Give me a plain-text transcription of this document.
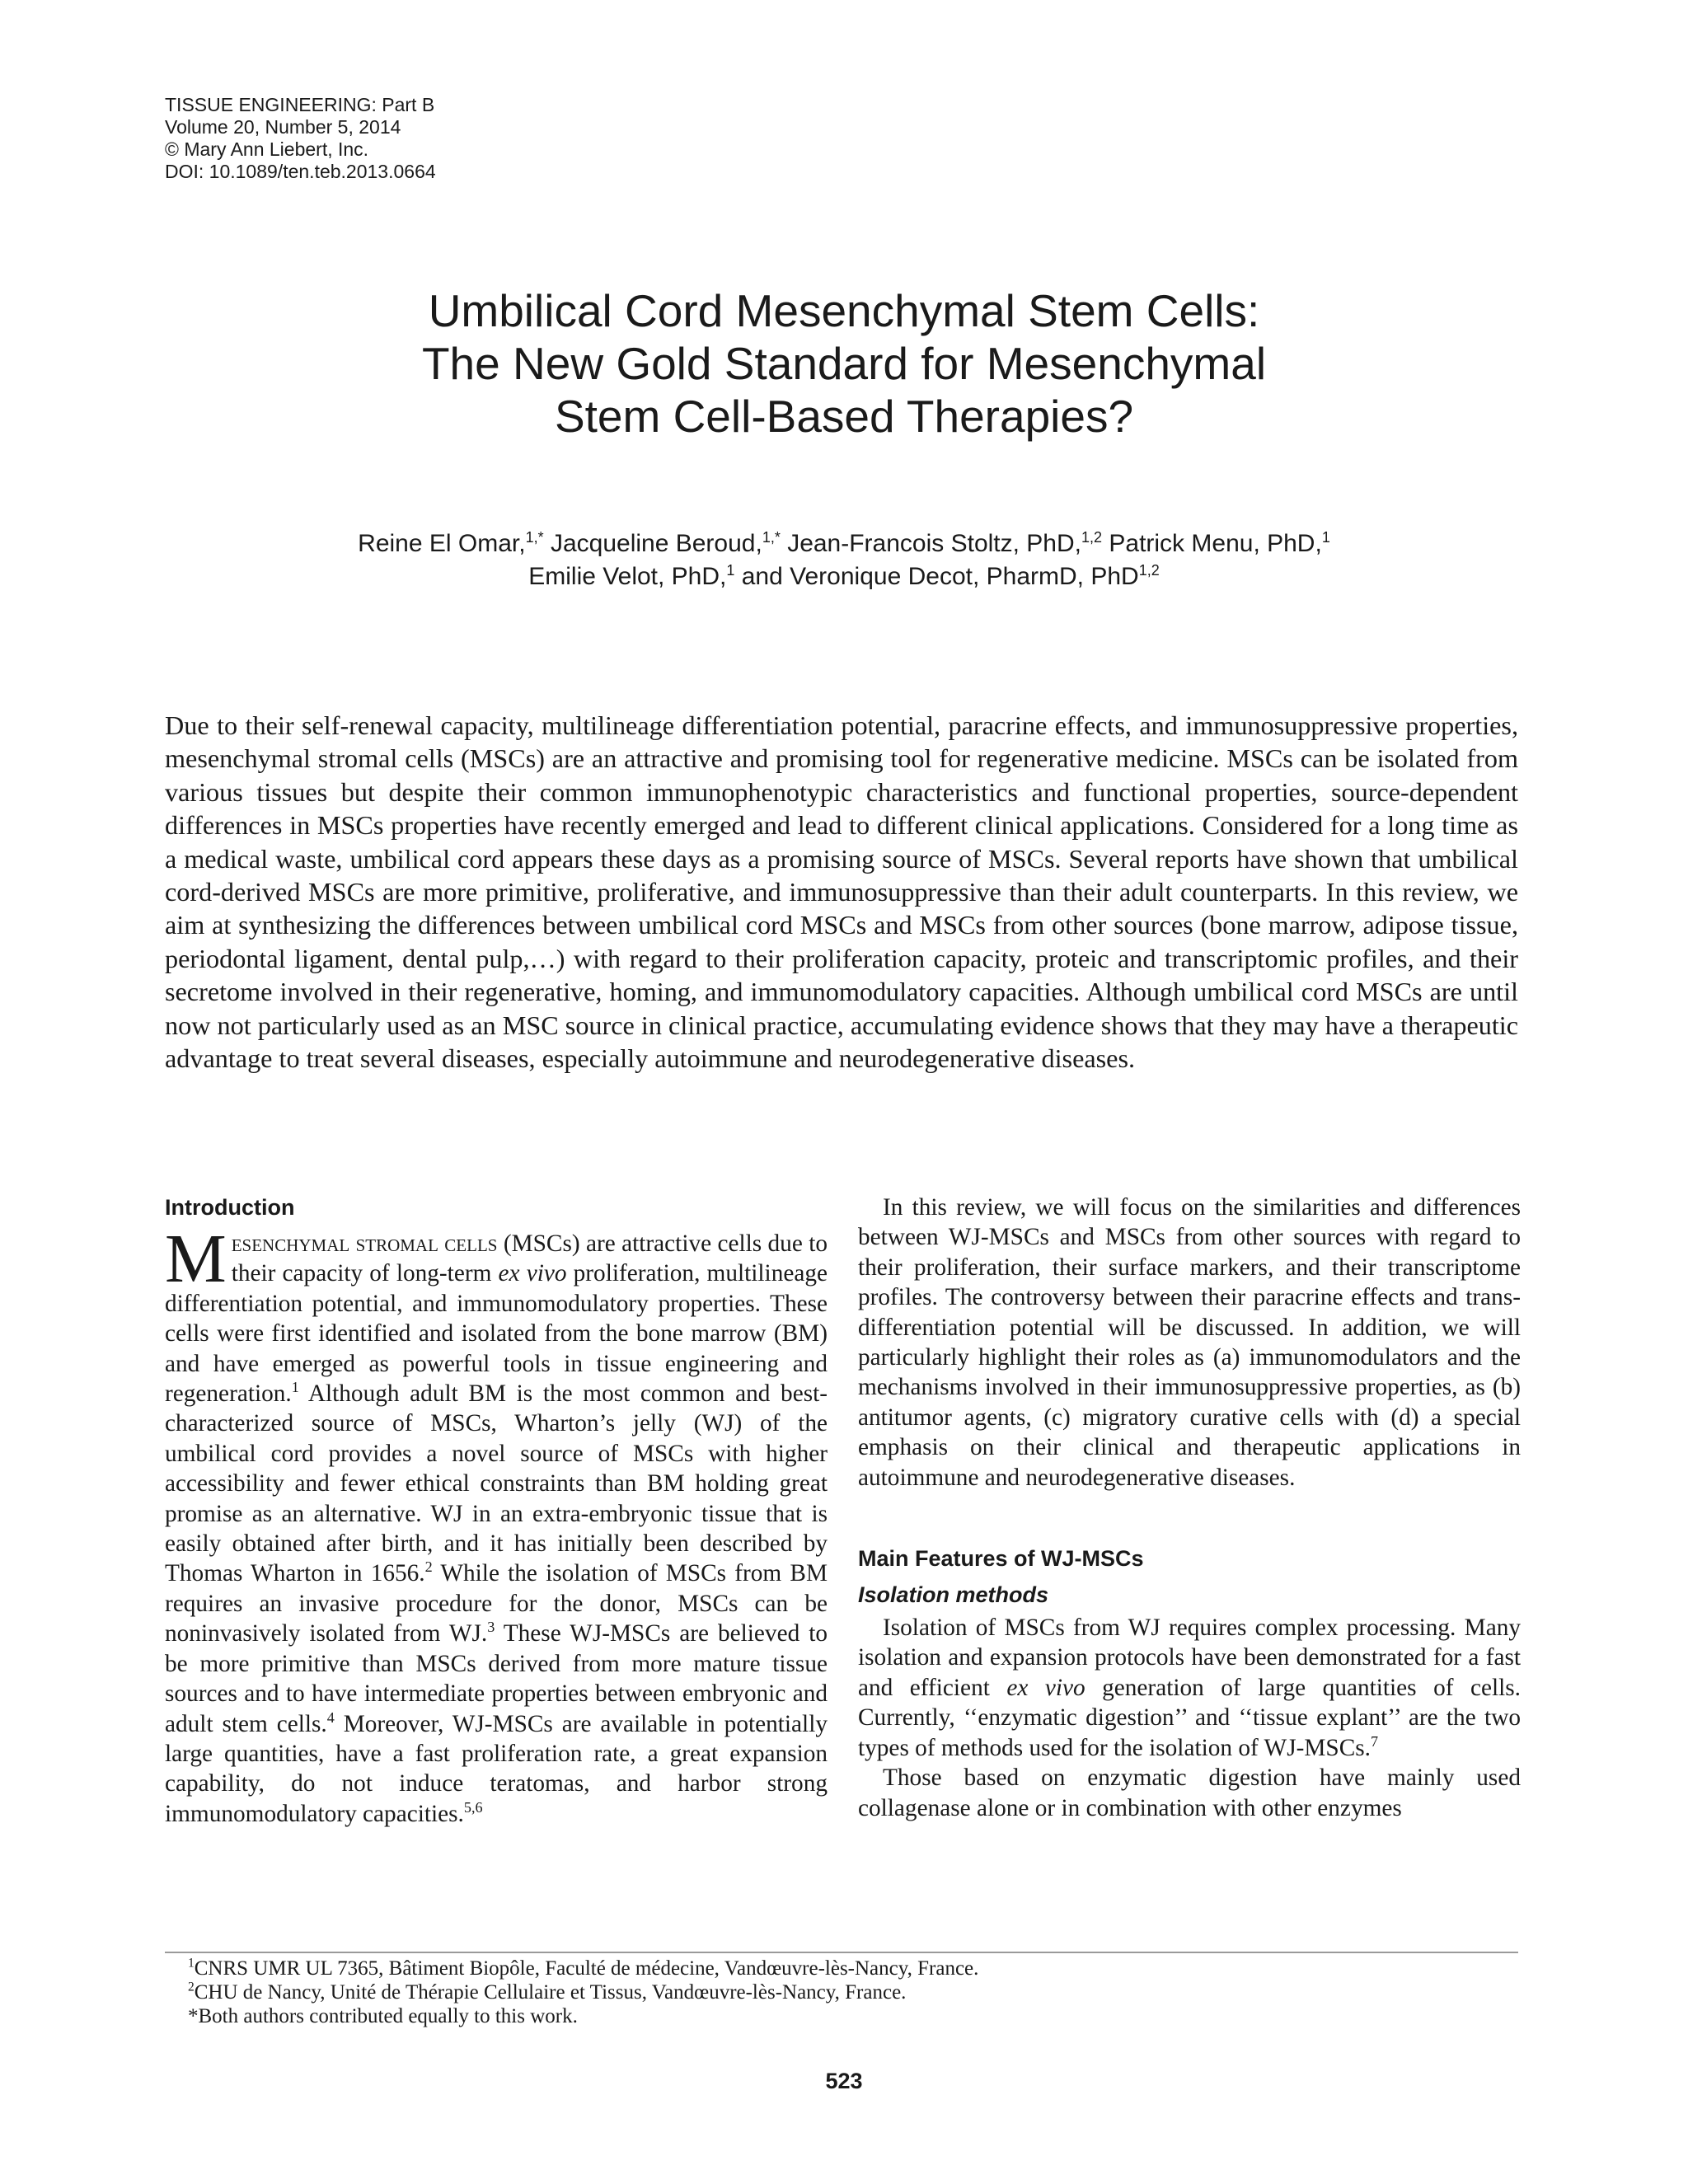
TISSUE ENGINEERING: Part B
Volume 20, Number 5, 2014
© Mary Ann Liebert, Inc.
DOI: 10.1089/ten.teb.2013.0664
Umbilical Cord Mesenchymal Stem Cells:
The New Gold Standard for Mesenchymal
Stem Cell-Based Therapies?
Reine El Omar,$^{1,*}$ Jacqueline Beroud,$^{1,*}$ Jean-Francois Stoltz, PhD,$^{1,2}$ Patrick Menu, PhD,$^1$
Emilie Velot, PhD,$^1$ and Veronique Decot, PharmD, PhD$^{1,2}$

Due to their self-renewal capacity, multilineage differentiation potential, paracrine effects, and immunosuppressive properties, mesenchymal stromal cells (MSCs) are an attractive and promising tool for regenerative medicine. MSCs can be isolated from various tissues but despite their common immunophenotypic characteristics and functional properties, source-dependent differences in MSCs properties have recently emerged and lead to different clinical applications. Considered for a long time as a medical waste, umbilical cord appears these days as a promising source of MSCs. Several reports have shown that umbilical cord-derived MSCs are more primitive, proliferative, and immunosuppressive than their adult counterparts. In this review, we aim at synthesizing the differences between umbilical cord MSCs and MSCs from other sources (bone marrow, adipose tissue, periodontal ligament, dental pulp,…) with regard to their proliferation capacity, proteic and transcriptomic profiles, and their secretome involved in their regenerative, homing, and immunomodulatory capacities. Although umbilical cord MSCs are until now not particularly used as an MSC source in clinical practice, accumulating evidence shows that they may have a therapeutic advantage to treat several diseases, especially autoimmune and neurodegenerative diseases.

Introduction

Mesenchymal stromal cells (MSCs) are attractive cells due to their capacity of long-term ex vivo proliferation, multilineage differentiation potential, and immunomodulatory properties. These cells were first identified and isolated from the bone marrow (BM) and have emerged as powerful tools in tissue engineering and regeneration.$^1$ Although adult BM is the most common and best-characterized source of MSCs, Wharton’s jelly (WJ) of the umbilical cord provides a novel source of MSCs with higher accessibility and fewer ethical constraints than BM holding great promise as an alternative. WJ in an extra-embryonic tissue that is easily obtained after birth, and it has initially been described by Thomas Wharton in 1656.$^2$ While the isolation of MSCs from BM requires an invasive procedure for the donor, MSCs can be noninvasively isolated from WJ.$^3$ These WJ-MSCs are believed to be more primitive than MSCs derived from more mature tissue sources and to have intermediate properties between embryonic and adult stem cells.$^4$ Moreover, WJ-MSCs are available in potentially large quantities, have a fast proliferation rate, a great expansion capability, do not induce teratomas, and harbor strong immunomodulatory capacities.$^{5,6}$

In this review, we will focus on the similarities and differences between WJ-MSCs and MSCs from other sources with regard to their proliferation, their surface markers, and their transcriptome profiles. The controversy between their paracrine effects and trans-differentiation potential will be discussed. In addition, we will particularly highlight their roles as (a) immunomodulators and the mechanisms involved in their immunosuppressive properties, as (b) antitumor agents, (c) migratory curative cells with (d) a special emphasis on their clinical and therapeutic applications in autoimmune and neurodegenerative diseases.

Main Features of WJ-MSCs
Isolation methods

Isolation of MSCs from WJ requires complex processing. Many isolation and expansion protocols have been demonstrated for a fast and efficient ex vivo generation of large quantities of cells. Currently, ‘‘enzymatic digestion’’ and ‘‘tissue explant’’ are the two types of methods used for the isolation of WJ-MSCs.$^7$

Those based on enzymatic digestion have mainly used collagenase alone or in combination with other enzymes

$^1$CNRS UMR UL 7365, Bâtiment Biopôle, Faculté de médecine, Vandœuvre-lès-Nancy, France.
$^2$CHU de Nancy, Unité de Thérapie Cellulaire et Tissus, Vandœuvre-lès-Nancy, France.
*Both authors contributed equally to this work.
523
